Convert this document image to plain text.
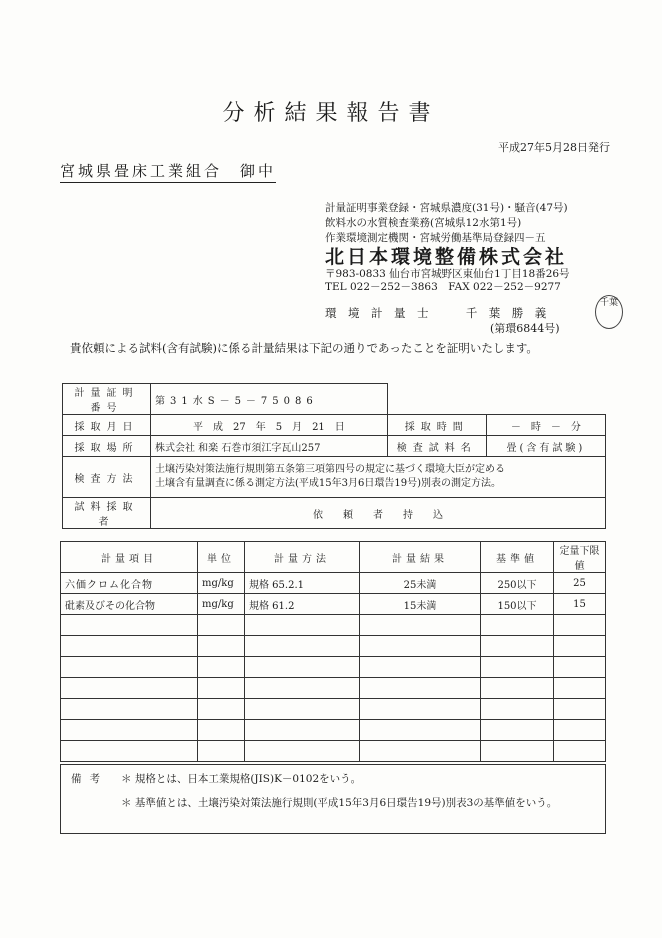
分析結果報告書
平成27年5月28日発行
宮城県畳床工業組合　御中
計量証明事業登録・宮城県濃度(31号)・騒音(47号)
飲料水の水質検査業務(宮城県12水第1号)
作業環境測定機関・宮城労働基準局登録四－五
北日本環境整備株式会社
〒983-0833 仙台市宮城野区東仙台1丁目18番26号
TEL 022－252－3863　FAX 022－252－9277
環　境　計　量　士	千　葉　勝　義
(第環6844号)
千葉
貴依頼による試料(含有試験)に係る計量結果は下記の通りであったことを証明いたします。
計量証明番号	第31水S－5－75086		
採取月日	平　成　27　年　5　月　21　日	採取時間	－　時　－　分
採取場所	株式会社 和楽 石巻市須江字瓦山257	検査試料名	畳(含有試験)
検査方法	土壌汚染対策法施行規則第五条第三項第四号の規定に基づく環境大臣が定める
土壌含有量調査に係る測定方法(平成15年3月6日環告19号)別表の測定方法。		

試料採取者	依　　頼　　者　　持　　込		
計量項目	単位	計量方法	計量結果	基準値	定量下限値
六価クロム化合物	mg/kg	規格 65.2.1	25未満	250以下	25
砒素及びその化合物	mg/kg	規格 61.2	15未満	150以下	15

備考 ＊ 規格とは、日本工業規格(JIS)K－0102をいう。
＊ 基準値とは、土壌汚染対策法施行規則(平成15年3月6日環告19号)別表3の基準値をいう。
